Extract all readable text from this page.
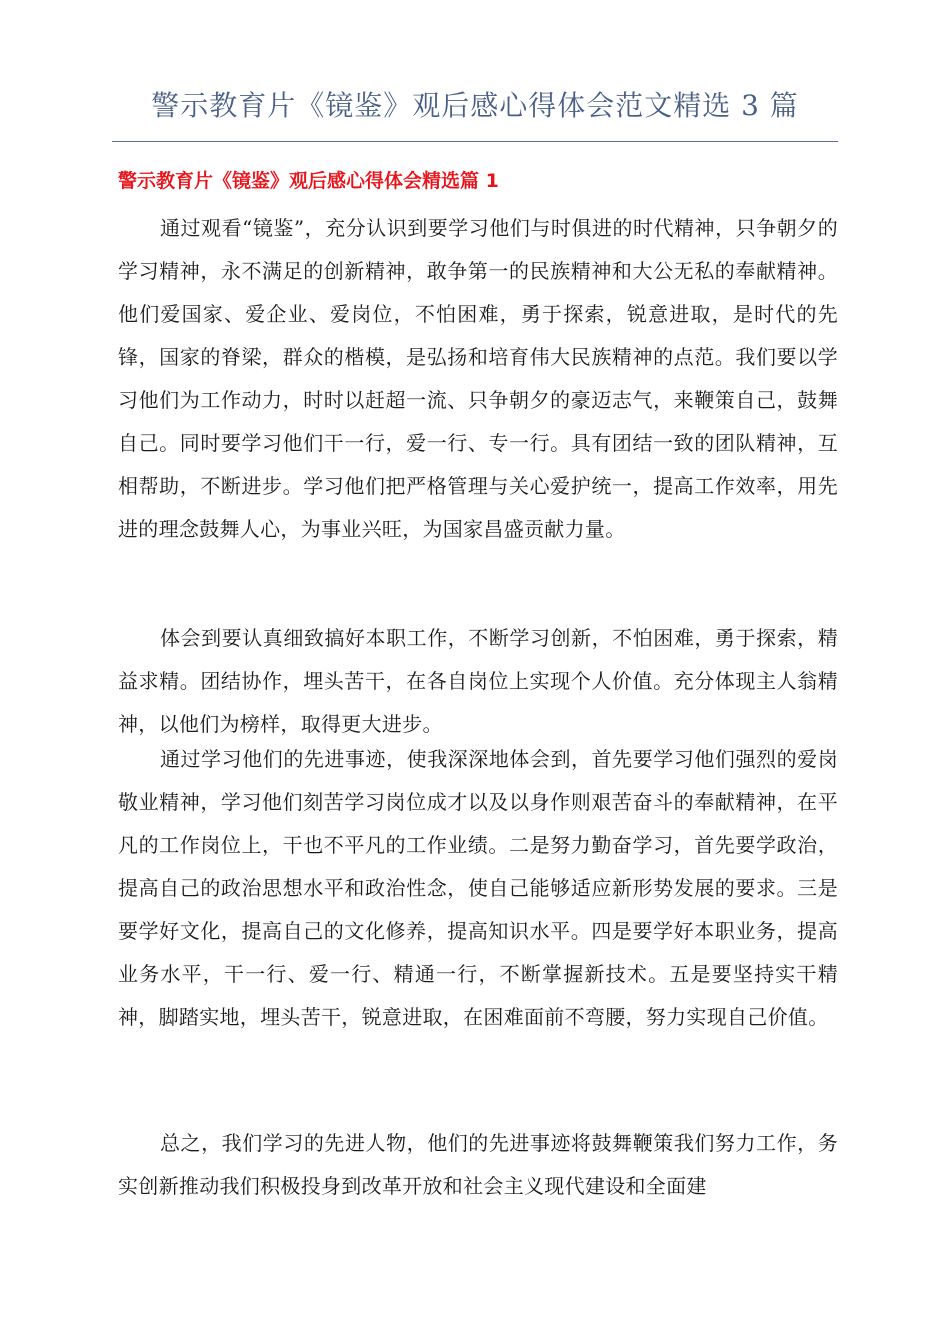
警示教育片《镜鉴》观后感心得体会范文精选 3 篇
警示教育片《镜鉴》观后感心得体会精选篇 1

通过观看“镜鉴”，充分认识到要学习他们与时俱进的时代精神，只争朝夕的学习精神，永不满足的创新精神，敢争第一的民族精神和大公无私的奉献精神。他们爱国家、爱企业、爱岗位，不怕困难，勇于探索，锐意进取，是时代的先锋，国家的脊梁，群众的楷模，是弘扬和培育伟大民族精神的点范。我们要以学习他们为工作动力，时时以赶超一流、只争朝夕的豪迈志气，来鞭策自己，鼓舞自己。同时要学习他们干一行，爱一行、专一行。具有团结一致的团队精神，互相帮助，不断进步。学习他们把严格管理与关心爱护统一，提高工作效率，用先进的理念鼓舞人心，为事业兴旺，为国家昌盛贡献力量。

体会到要认真细致搞好本职工作，不断学习创新，不怕困难，勇于探索，精益求精。团结协作，埋头苦干，在各自岗位上实现个人价值。充分体现主人翁精神，以他们为榜样，取得更大进步。

通过学习他们的先进事迹，使我深深地体会到，首先要学习他们强烈的爱岗敬业精神，学习他们刻苦学习岗位成才以及以身作则艰苦奋斗的奉献精神，在平凡的工作岗位上，干也不平凡的工作业绩。二是努力勤奋学习，首先要学政治，提高自己的政治思想水平和政治性念，使自己能够适应新形势发展的要求。三是要学好文化，提高自己的文化修养，提高知识水平。四是要学好本职业务，提高业务水平，干一行、爱一行、精通一行，不断掌握新技术。五是要坚持实干精神，脚踏实地，埋头苦干，锐意进取，在困难面前不弯腰，努力实现自己价值。

总之，我们学习的先进人物，他们的先进事迹将鼓舞鞭策我们努力工作，务实创新推动我们积极投身到改革开放和社会主义现代建设和全面建
